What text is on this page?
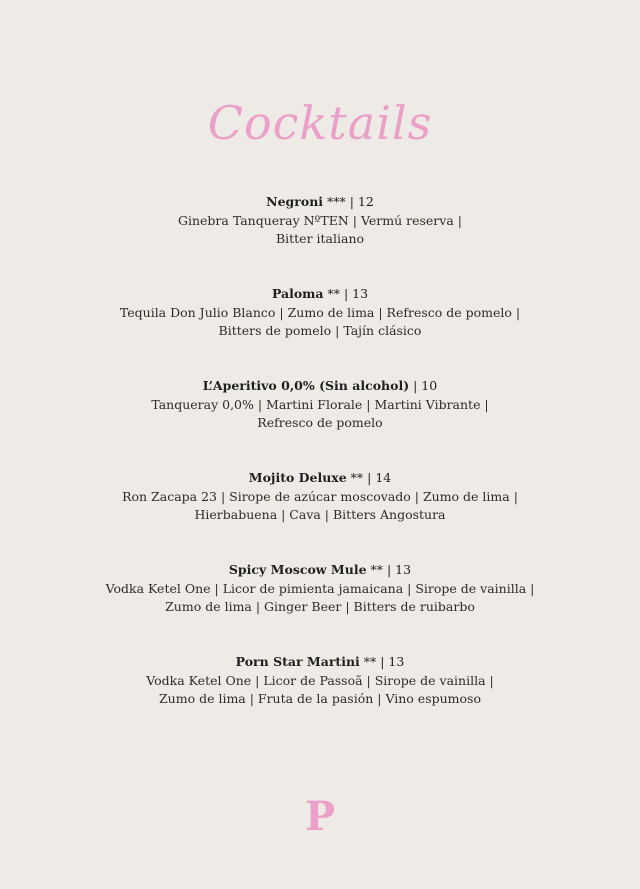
Cocktails
Negroni *** | 12
Ginebra Tanqueray NºTEN | Vermú reserva |
Bitter italiano
Paloma ** | 13
Tequila Don Julio Blanco | Zumo de lima | Refresco de pomelo |
Bitters de pomelo | Tajín clásico
L’Aperitivo 0,0% (Sin alcohol) | 10
Tanqueray 0,0% | Martini Florale | Martini Vibrante |
Refresco de pomelo
Mojito Deluxe ** | 14
Ron Zacapa 23 | Sirope de azúcar moscovado | Zumo de lima |
Hierbabuena | Cava | Bitters Angostura
Spicy Moscow Mule ** | 13
Vodka Ketel One | Licor de pimienta jamaicana | Sirope de vainilla |
Zumo de lima | Ginger Beer | Bitters de ruibarbo
Porn Star Martini ** | 13
Vodka Ketel One | Licor de Passoã | Sirope de vainilla |
Zumo de lima | Fruta de la pasión | Vino espumoso
P
